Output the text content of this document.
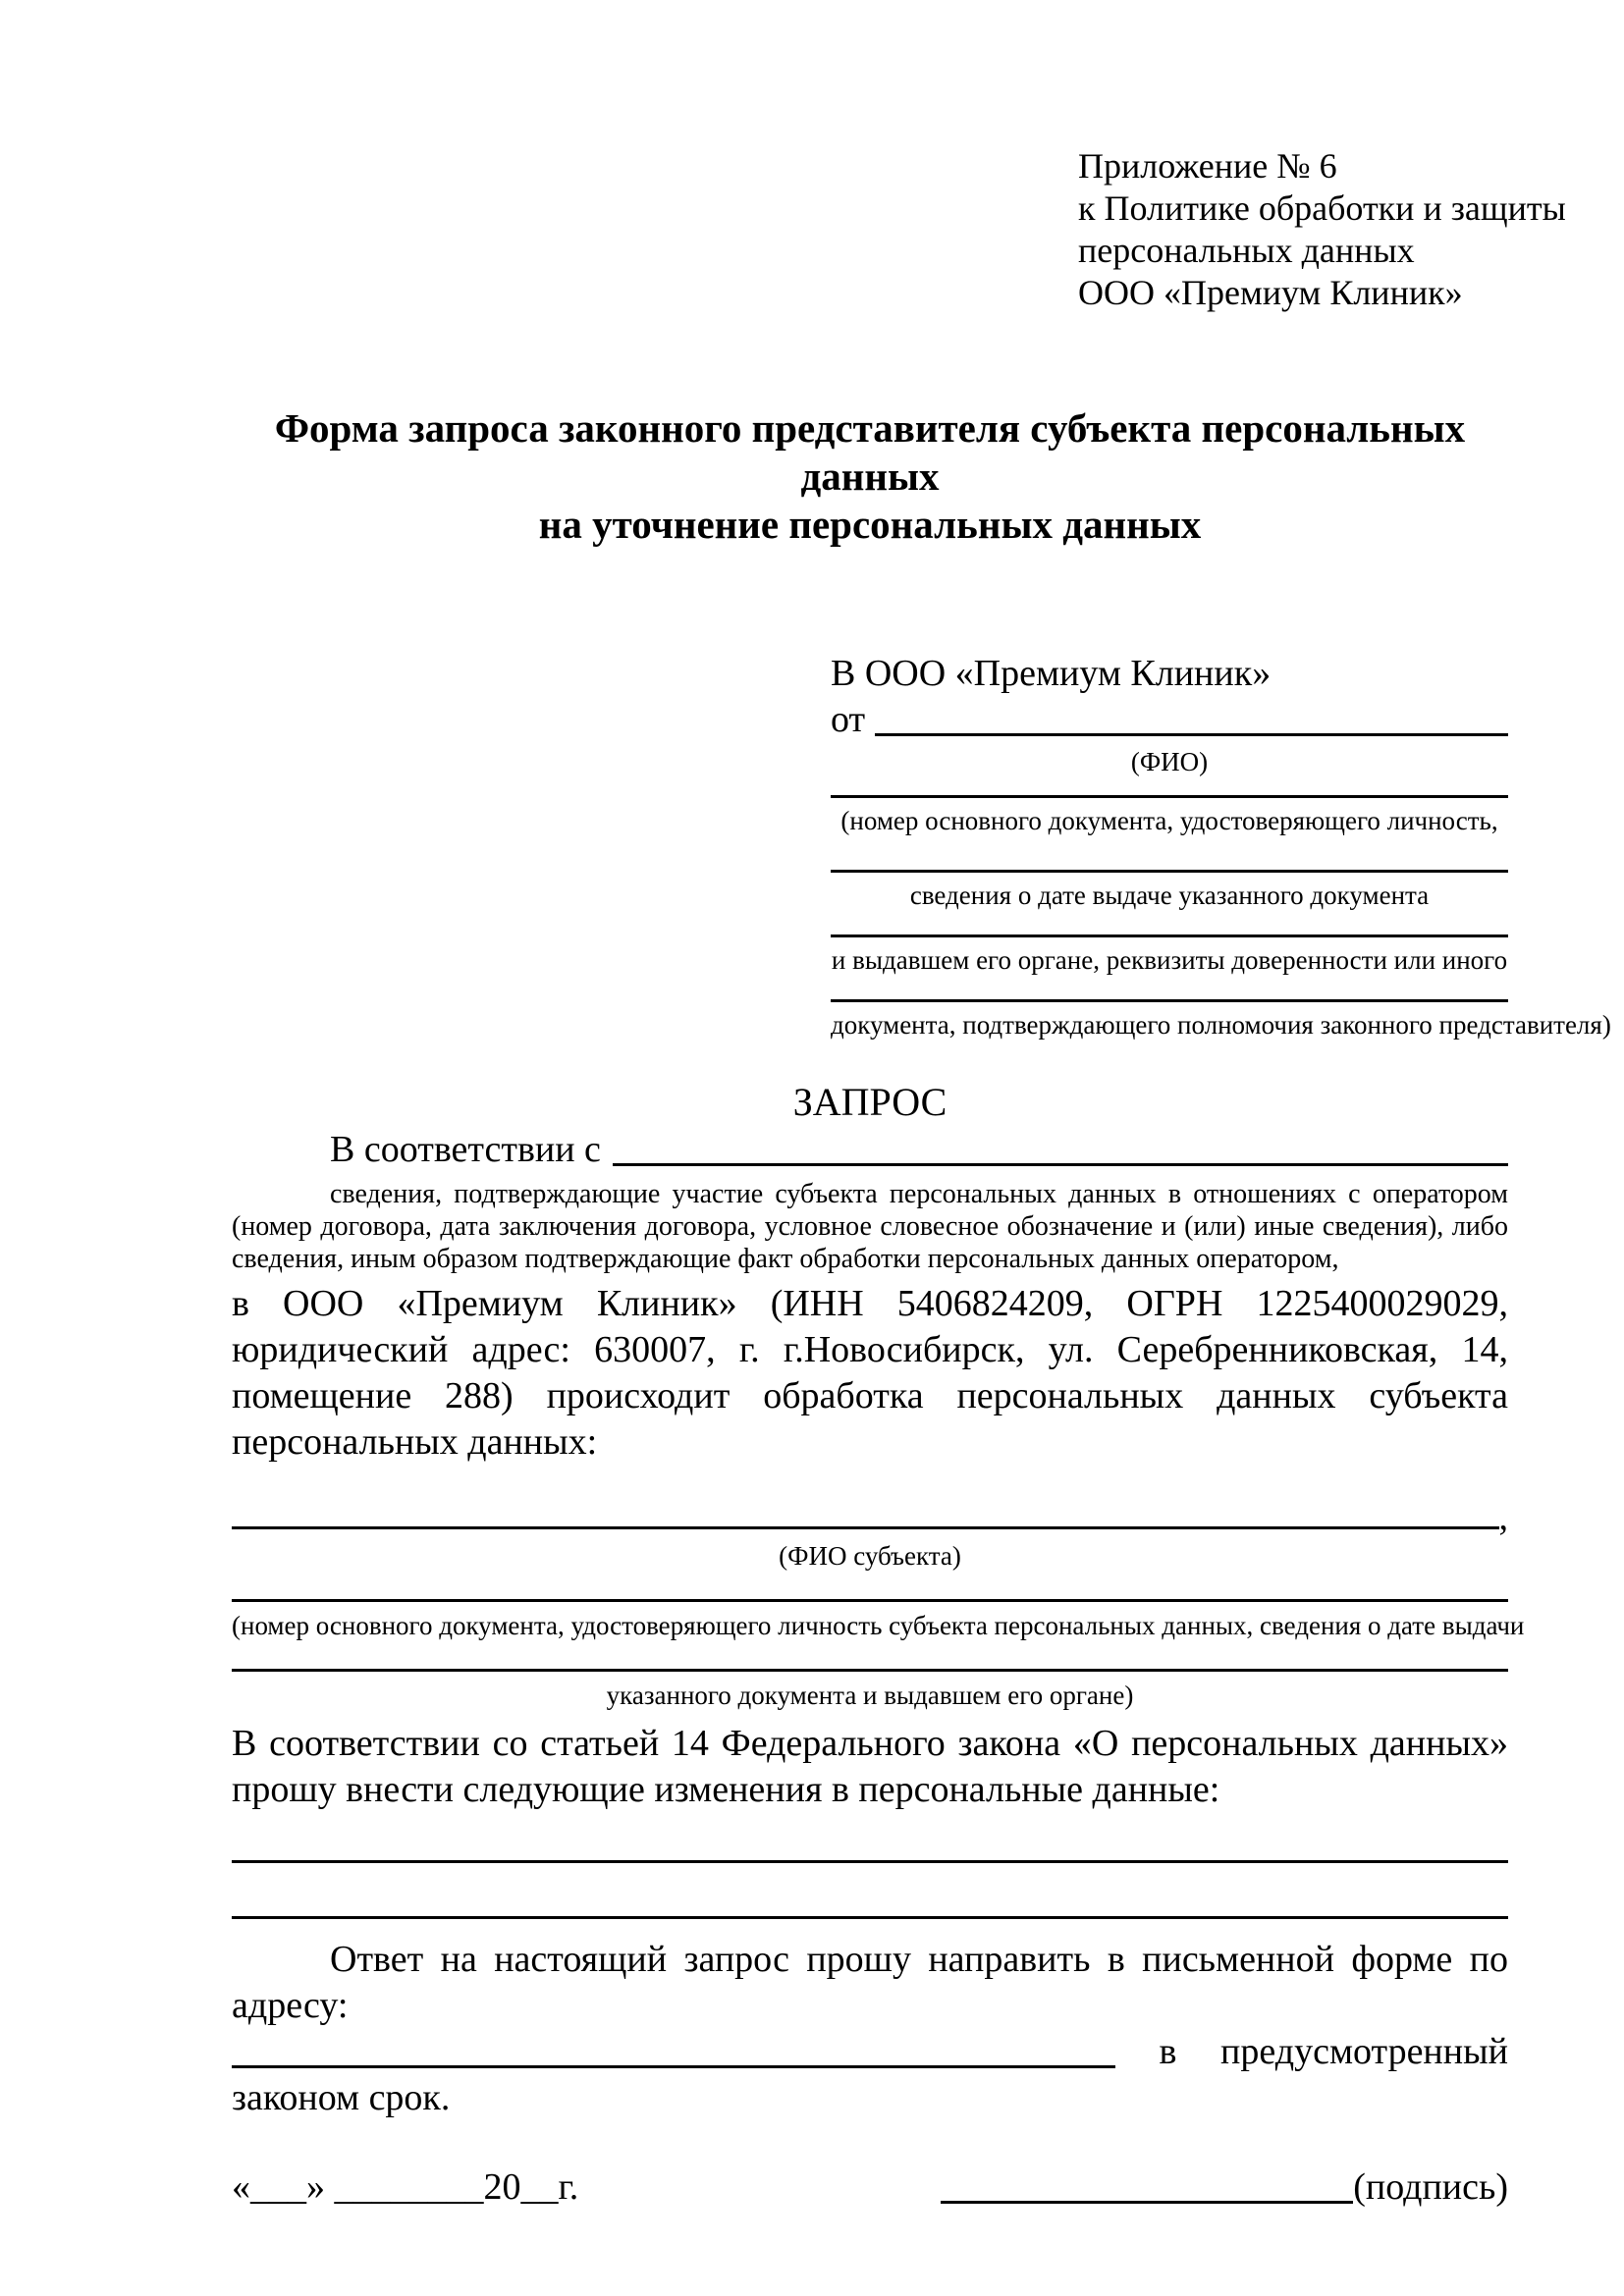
Приложение № 6
к Политике обработки и защиты
персональных данных
ООО «Премиум Клиник»
Форма запроса законного представителя субъекта персональных данных
на уточнение персональных данных
В ООО «Премиум Клиник»
от
(ФИО)
(номер основного документа, удостоверяющего личность,
сведения о дате выдаче указанного документа
и выдавшем его органе, реквизиты доверенности или иного
документа, подтверждающего полномочия законного представителя)
ЗАПРОС
В соответствии с
сведения, подтверждающие участие субъекта персональных данных в отношениях с оператором (номер договора, дата заключения договора, условное словесное обозначение и (или) иные сведения), либо сведения, иным образом подтверждающие факт обработки персональных данных оператором,
в ООО «Премиум Клиник» (ИНН 5406824209, ОГРН 1225400029029, юридический адрес: 630007, г. г.Новосибирск, ул. Серебренниковская, 14, помещение 288) происходит обработка персональных данных субъекта персональных данных:
,
(ФИО субъекта)
(номер основного документа, удостоверяющего личность субъекта персональных данных, сведения о дате выдачи
указанного документа и выдавшем его органе)
В соответствии со статьей 14 Федерального закона «О персональных данных» прошу внести следующие изменения в персональные данные:
Ответ на настоящий запрос прошу направить в письменной форме по адресу:
в предусмотренный
законом срок.
«___» ________20__г.	(подпись)
